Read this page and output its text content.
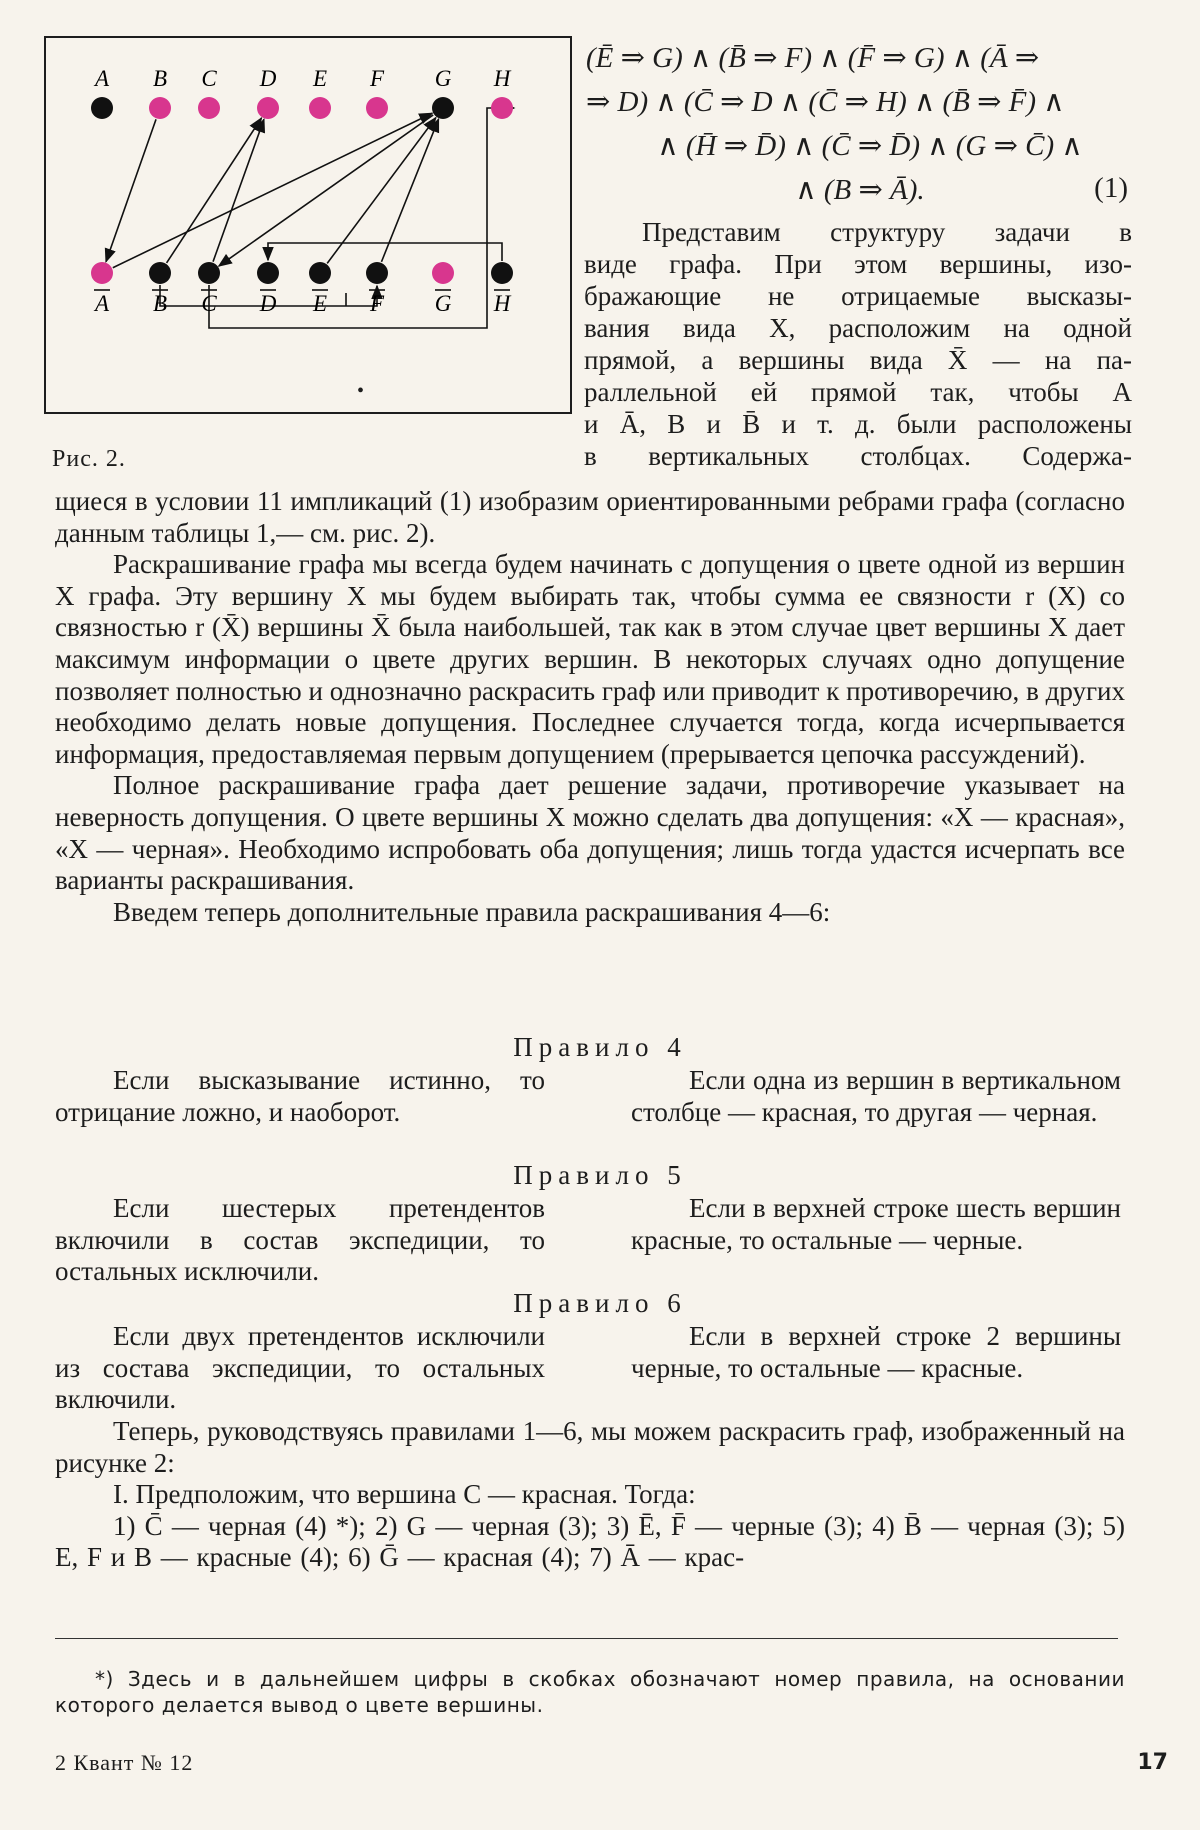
A B C D E F G H
A B C D E F G H
•
Рис. 2.
(Ē ⇒ G) ∧ (B̄ ⇒ F) ∧ (F̄ ⇒ G) ∧ (Ā ⇒
⇒ D) ∧ (C̄ ⇒ D ∧ (C̄ ⇒ H) ∧ (B̄ ⇒ F̄) ∧
∧ (H̄ ⇒ D̄) ∧ (C̄ ⇒ D̄) ∧ (G ⇒ C̄) ∧
∧ (B ⇒ Ā).	(1)
Представим структуру задачи в
виде графа. При этом вершины, изо-
бражающие не отрицаемые высказы-
вания вида X, расположим на одной
прямой, а вершины вида X̄ — на па-
раллельной ей прямой так, чтобы A
и Ā, B и B̄ и т. д. были расположены
в вертикальных столбцах. Содержа-

щиеся в условии 11 импликаций (1) изобразим ориентированными ребрами графа (согласно данным таблицы 1,— см. рис. 2).

Раскрашивание графа мы всегда будем начинать с допущения о цвете одной из вершин X графа. Эту вершину X мы будем выбирать так, чтобы сумма ее связности r (X) со связностью r (X̄) вершины X̄ была наибольшей, так как в этом случае цвет вершины X дает максимум информации о цвете других вершин. В некоторых случаях одно допущение позволяет полностью и однозначно раскрасить граф или приводит к противоречию, в других необходимо делать новые допущения. Последнее случается тогда, когда исчерпывается информация, предоставляемая первым допущением (прерывается цепочка рассуждений).

Полное раскрашивание графа дает решение задачи, противоречие указывает на неверность допущения. О цвете вершины X можно сделать два допущения: «X — красная», «X — черная». Необходимо испробовать оба допущения; лишь тогда удастся исчерпать все варианты раскрашивания.

Введем теперь дополнительные правила раскрашивания 4—6:

Правило 4

Если высказывание истинно, то отрицание ложно, и наоборот.

Если одна из вершин в вертикальном столбце — красная, то другая — черная.

Правило 5

Если шестерых претендентов включили в состав экспедиции, то остальных исключили.

Если в верхней строке шесть вершин красные, то остальные — черные.

Правило 6

Если двух претендентов исключили из состава экспедиции, то остальных включили.

Если в верхней строке 2 вершины черные, то остальные — красные.

Теперь, руководствуясь правилами 1—6, мы можем раскрасить граф, изображенный на рисунке 2:

I. Предположим, что вершина C — красная. Тогда:

1) C̄ — черная (4) *); 2) G — черная (3); 3) Ē, F̄ — черные (3); 4) B̄ — черная (3); 5) E, F и B — красные (4); 6) Ḡ — красная (4); 7) Ā — крас-

*) Здесь и в дальнейшем цифры в скобках обозначают номер правила, на основании которого делается вывод о цвете вершины.

2 Квант № 12	17
